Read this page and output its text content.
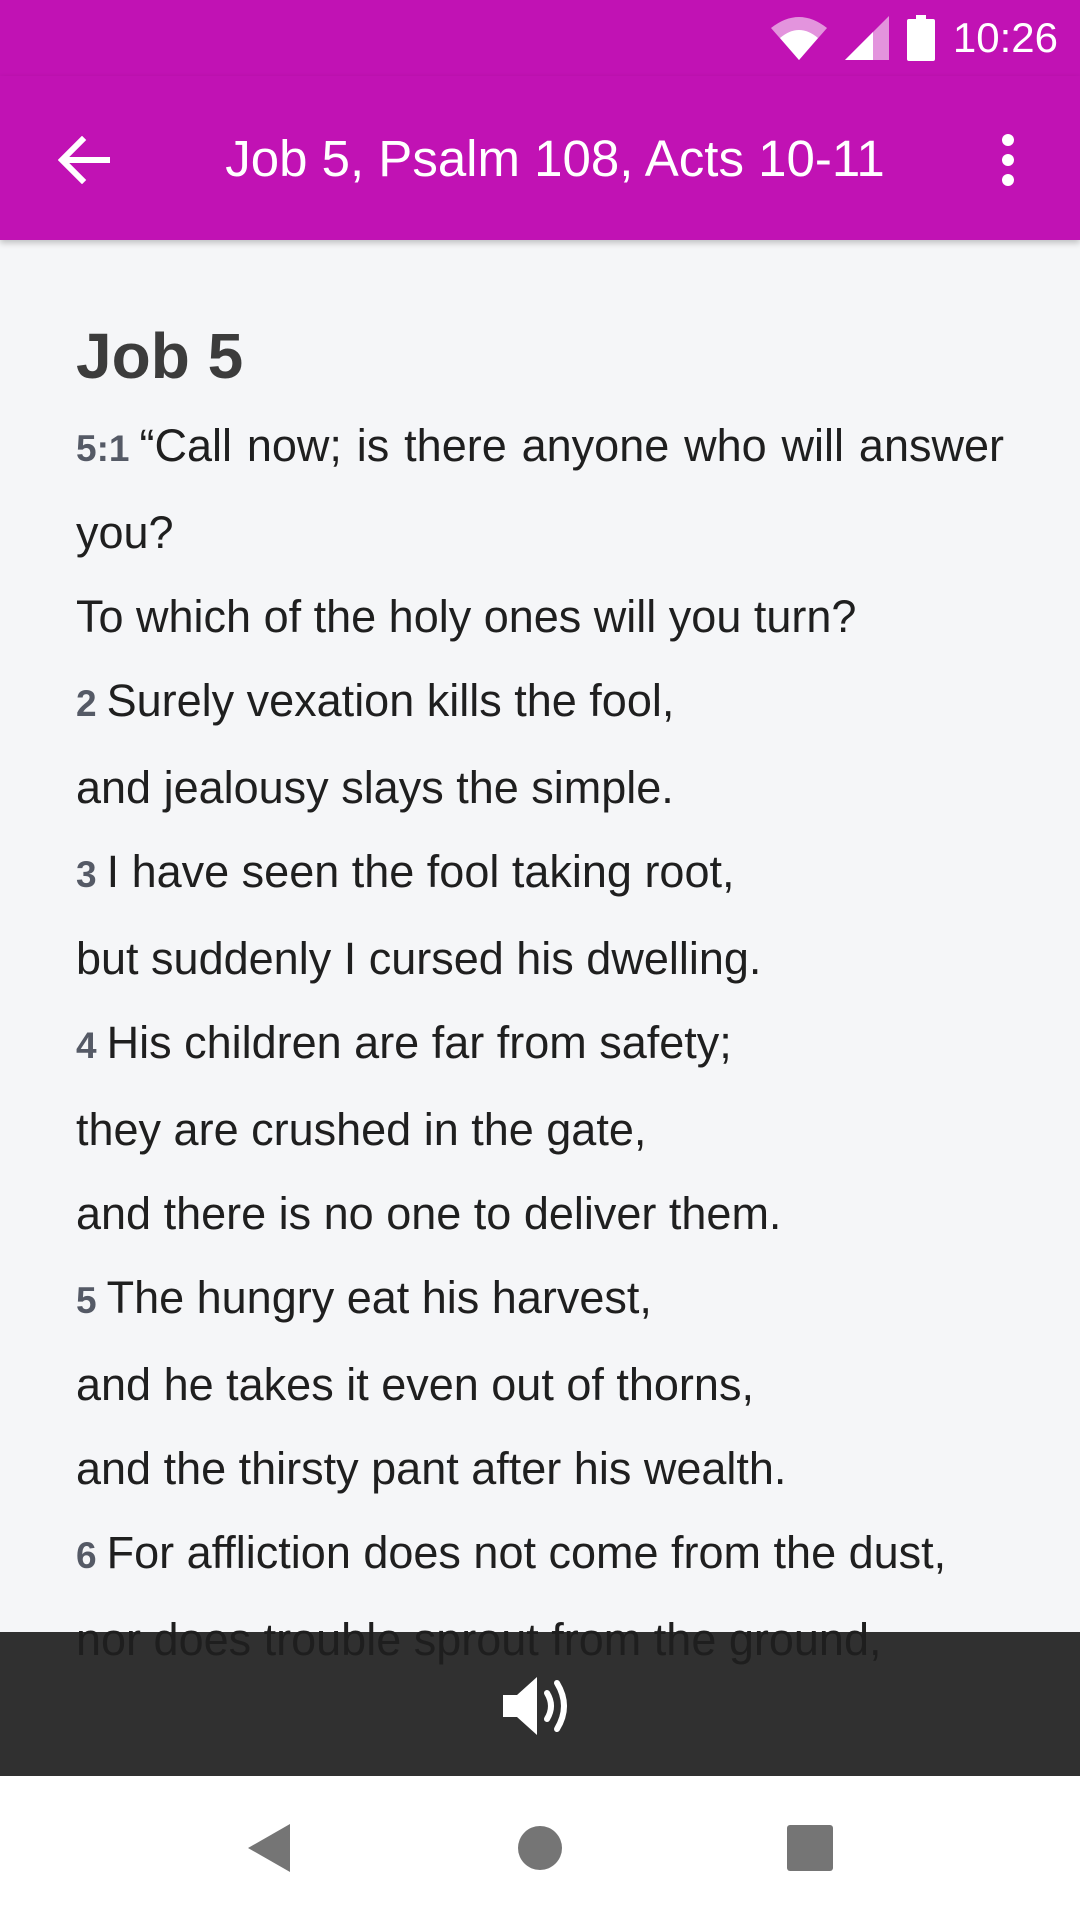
10:26
Job 5, Psalm 108, Acts 10-11
Job 5

5:1 “Call now; is there anyone who will answer you?

To which of the holy ones will you turn?

2 Surely vexation kills the fool,

and jealousy slays the simple.

3 I have seen the fool taking root,

but suddenly I cursed his dwelling.

4 His children are far from safety;

they are crushed in the gate,

and there is no one to deliver them.

5 The hungry eat his harvest,

and he takes it even out of thorns,

and the thirsty pant after his wealth.

6 For affliction does not come from the dust,
